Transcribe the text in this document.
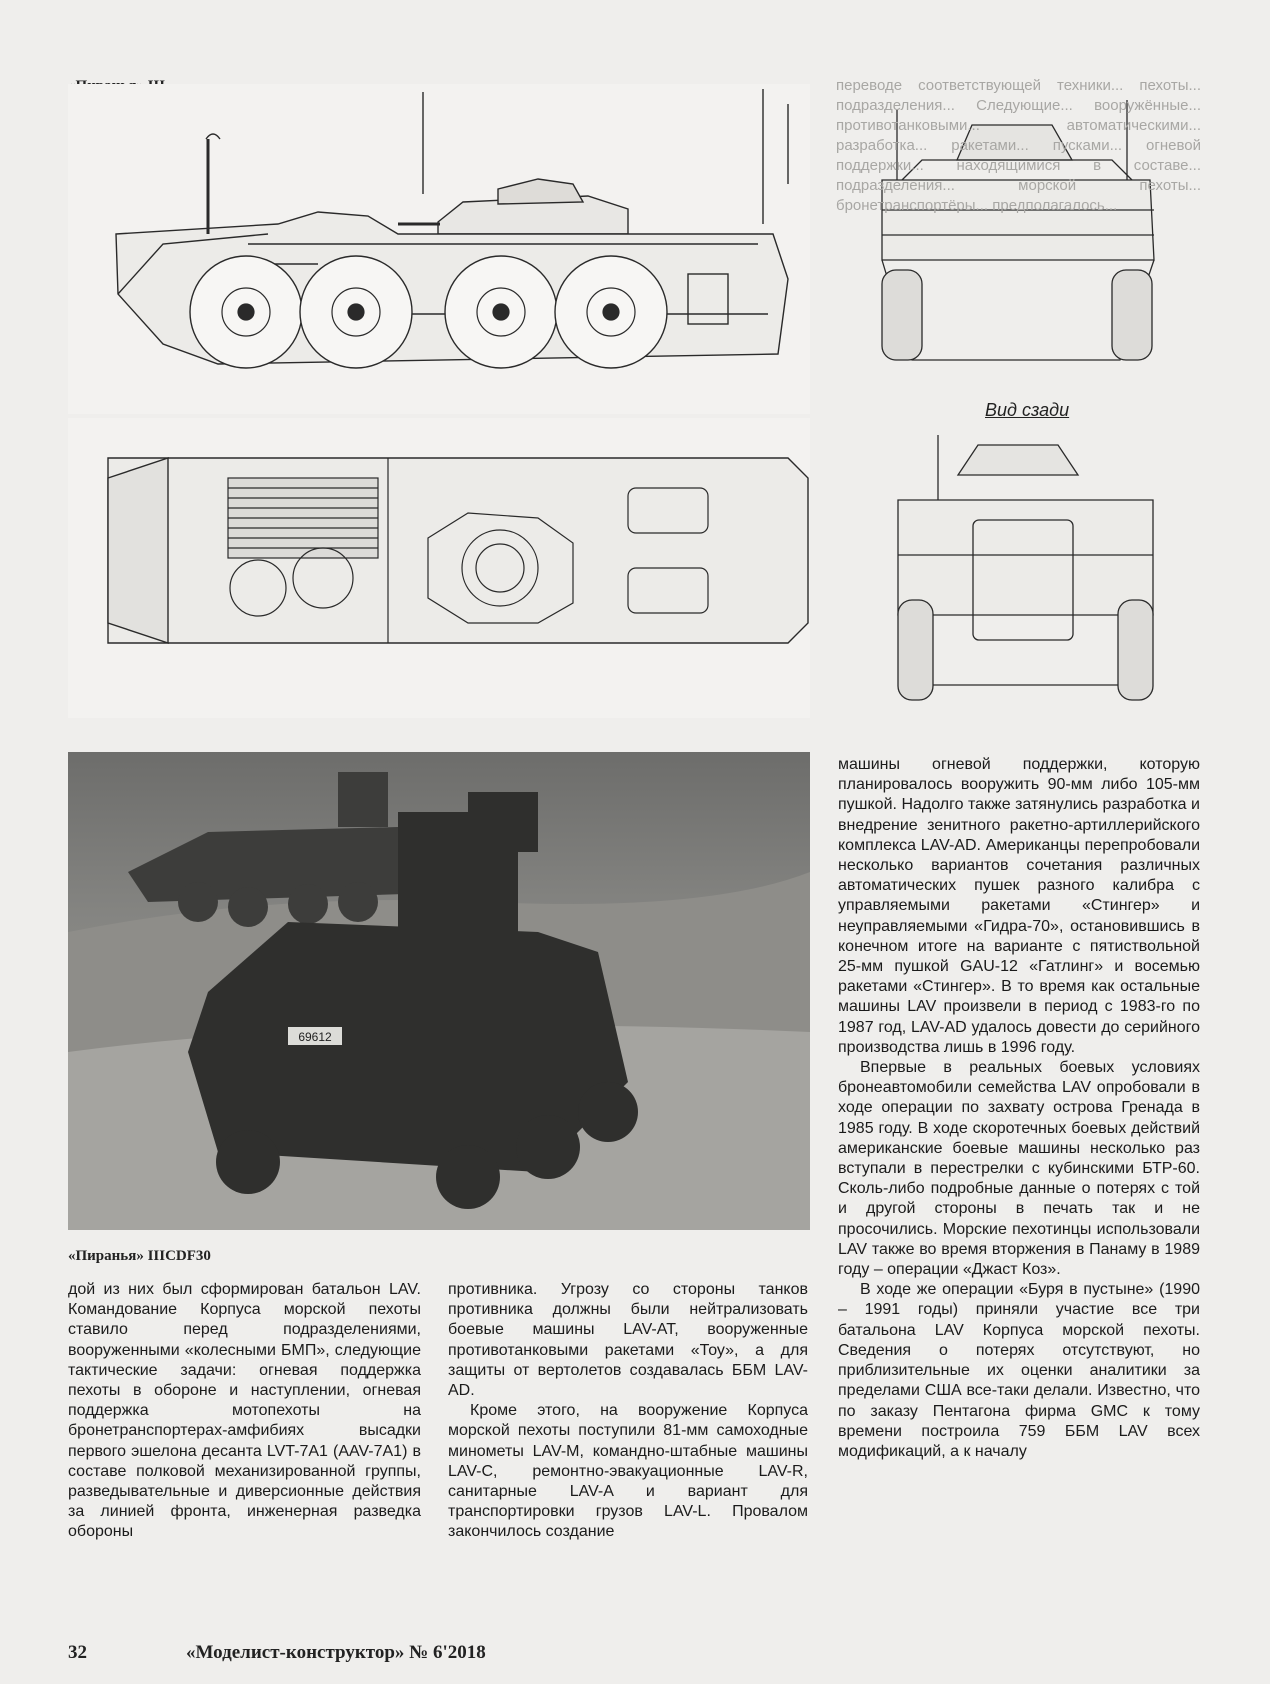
Вид сзади

переводе соответствующей техники... пехоты... подразделения... Следующие... вооружённые... противотанковыми... автоматическими... разработка... ракетами... пусками... огневой поддержки... находящимися в составе... подразделения... морской пехоты... бронетранспортёры... предполагалось...

69612
«Пиранья» IIICDF30

машины огневой поддержки, которую планировалось вооружить 90-мм либо 105-мм пушкой. Надолго также затянулись разработка и внедрение зенитного ракетно-артиллерийского комплекса LAV-AD. Американцы перепробовали несколько вариантов сочетания различных автоматических пушек разного калибра с управляемыми ракетами «Стингер» и неуправляемыми «Гидра-70», остановившись в конечном итоге на варианте с пятиствольной 25-мм пушкой GAU-12 «Гатлинг» и восемью ракетами «Стингер». В то время как остальные машины LAV произвели в период с 1983-го по 1987 год, LAV-AD удалось довести до серийного производства лишь в 1996 году.

Впервые в реальных боевых условиях бронеавтомобили семейства LAV опробовали в ходе операции по захвату острова Гренада в 1985 году. В ходе скоротечных боевых действий американские боевые машины несколько раз вступали в перестрелки с кубинскими БТР-60. Сколь-либо подробные данные о потерях с той и другой стороны в печать так и не просочились. Морские пехотинцы использовали LAV также во время вторжения в Панаму в 1989 году – операции «Джаст Коз».

В ходе же операции «Буря в пустыне» (1990 – 1991 годы) приняли участие все три батальона LAV Корпуса морской пехоты. Сведения о потерях отсутствуют, но приблизительные их оценки аналитики за пределами США все-таки делали. Известно, что по заказу Пентагона фирма GMC к тому времени построила 759 ББМ LAV всех модификаций, а к началу

дой из них был сформирован батальон LAV. Командование Корпуса морской пехоты ставило перед подразделениями, вооруженными «колесными БМП», следующие тактические задачи: огневая поддержка пехоты в обороне и наступлении, огневая поддержка мотопехоты на бронетранспортерах-амфибиях высадки первого эшелона десанта LVT-7A1 (AAV-7A1) в составе полковой механизированной группы, разведывательные и диверсионные действия за линией фронта, инженерная разведка обороны

противника. Угрозу со стороны танков противника должны были нейтрализовать боевые машины LAV-AT, вооруженные противотанковыми ракетами «Тоу», а для защиты от вертолетов создавалась ББМ LAV-AD.

Кроме этого, на вооружение Корпуса морской пехоты поступили 81-мм самоходные минометы LAV-M, командно-штабные машины LAV-C, ремонтно-эвакуационные LAV-R, санитарные LAV-A и вариант для транспортировки грузов LAV-L. Провалом закончилось создание

32	«Моделист-конструктор» № 6'2018
